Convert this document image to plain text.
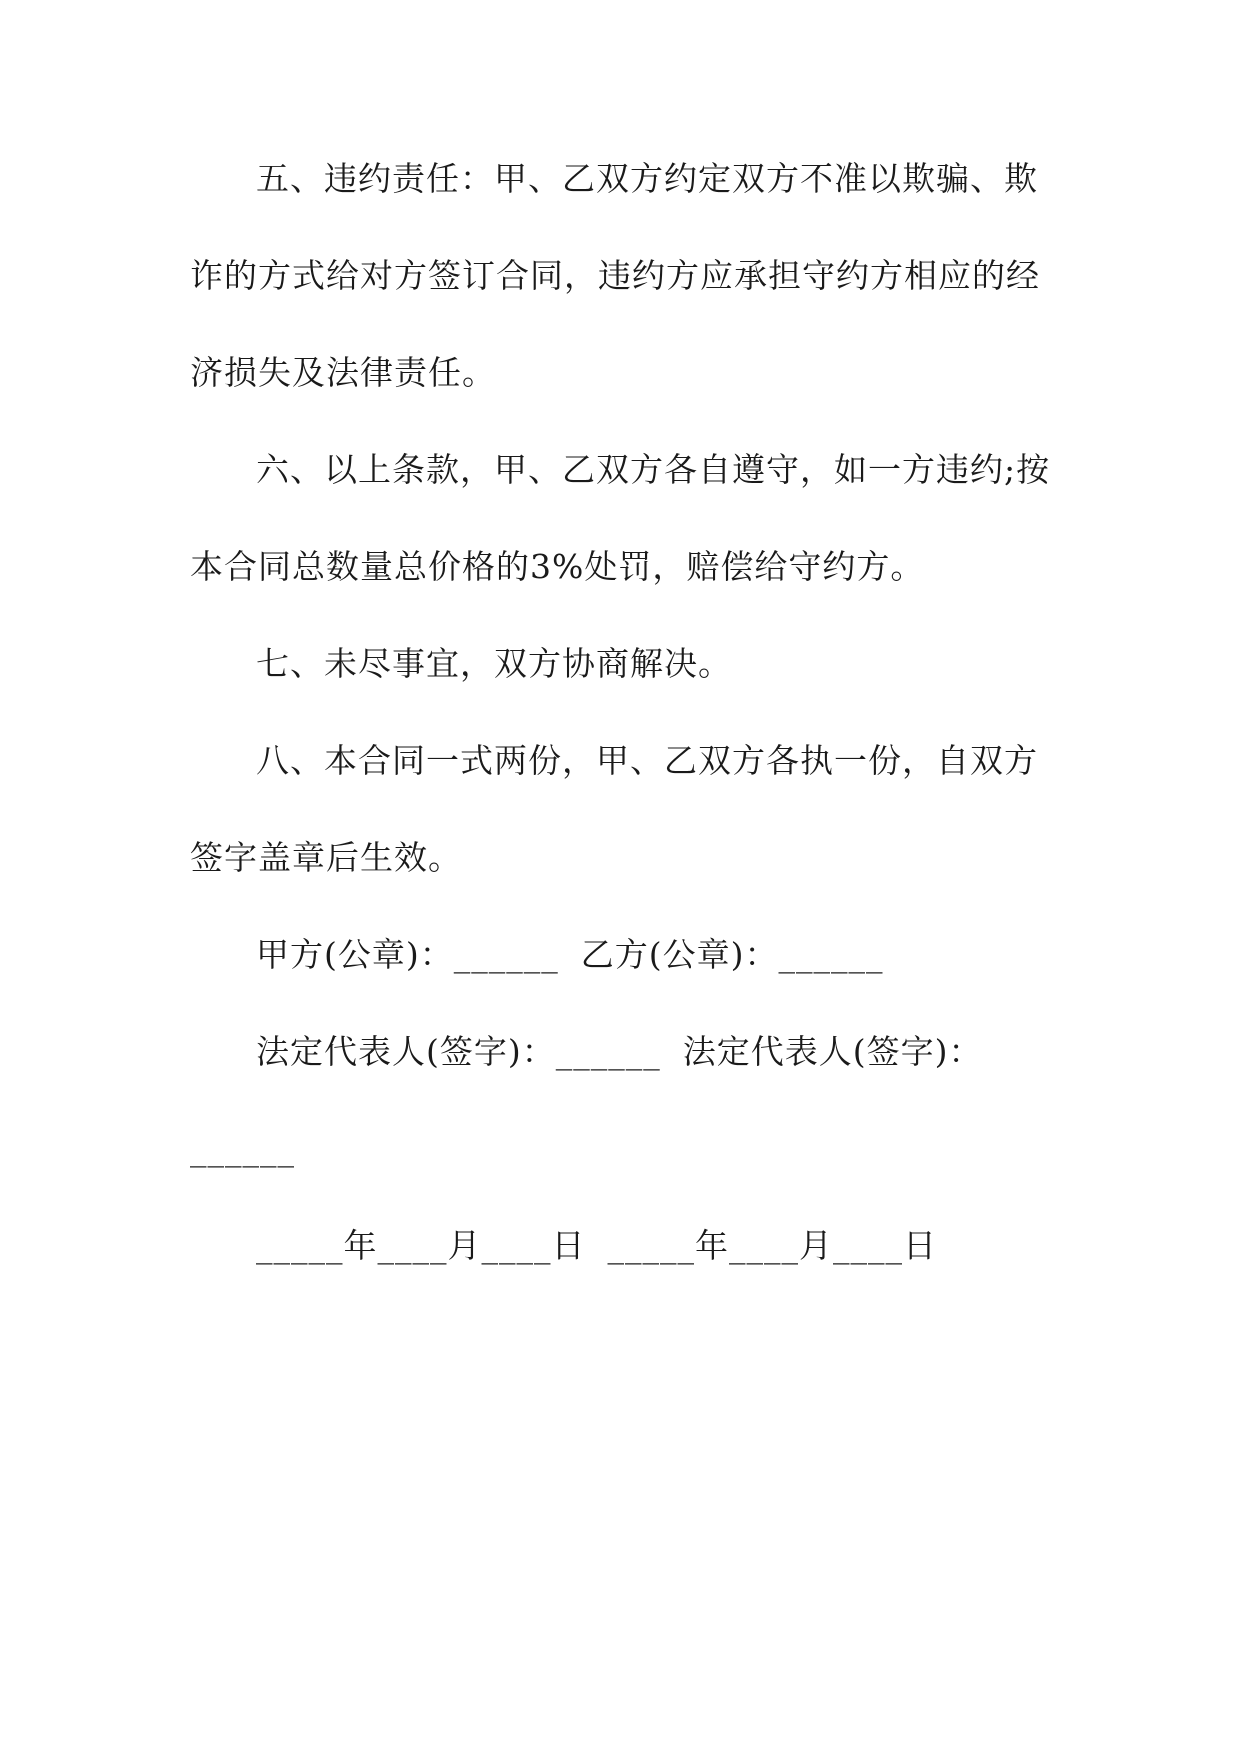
五、违约责任：甲、乙双方约定双方不准以欺骗、欺诈的方式给对方签订合同，违约方应承担守约方相应的经济损失及法律责任。

六、以上条款，甲、乙双方各自遵守，如一方违约;按本合同总数量总价格的3%处罚，赔偿给守约方。

七、未尽事宜，双方协商解决。

八、本合同一式两份，甲、乙双方各执一份，自双方签字盖章后生效。

甲方(公章)：______ 乙方(公章)：______

法定代表人(签字)：______ 法定代表人(签字)：

______

_____年____月____日 _____年____月____日
